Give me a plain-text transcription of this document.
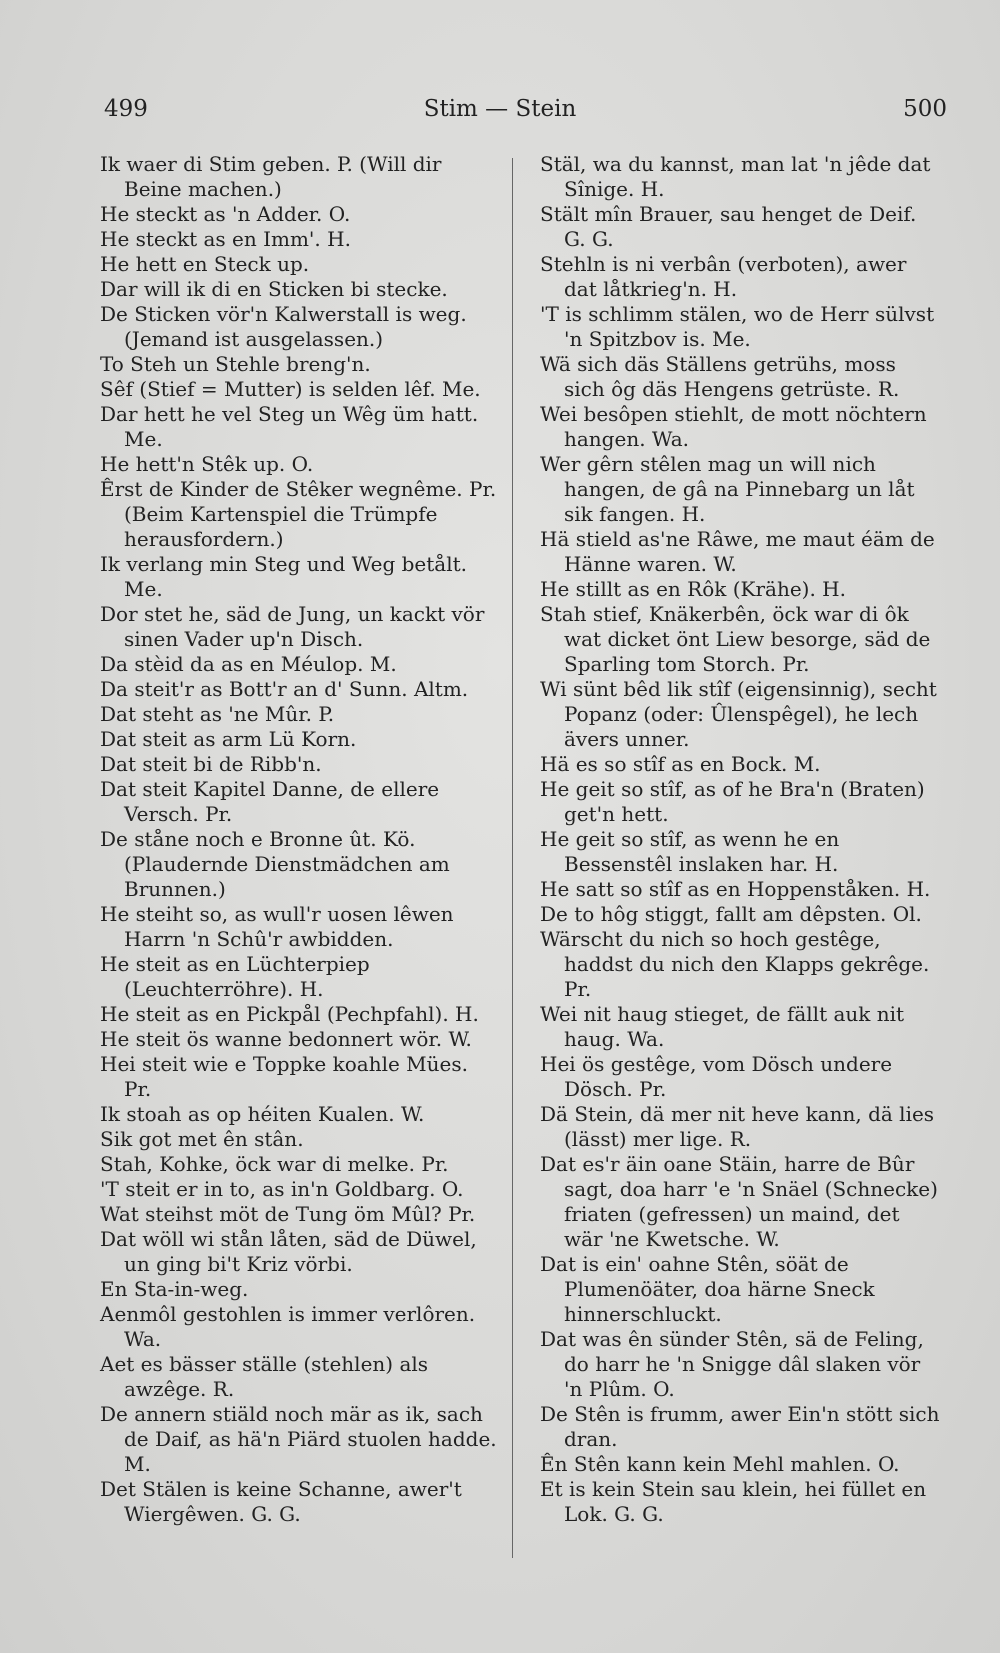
499	Stim — Stein	500

Ik waer di Stim geben. P. (Will dir Beine machen.)

He steckt as 'n Adder. O.

He steckt as en Imm'. H.

He hett en Steck up.

Dar will ik di en Sticken bi stecke.

De Sticken vör'n Kalwerstall is weg. (Jemand ist ausgelassen.)

To Steh un Stehle breng'n.

Sêf (Stief = Mutter) is selden lêf. Me.

Dar hett he vel Steg un Wêg üm hatt. Me.

He hett'n Stêk up. O.

Êrst de Kinder de Stêker wegnême. Pr. (Beim Kartenspiel die Trümpfe herausfordern.)

Ik verlang min Steg und Weg betålt. Me.

Dor stet he, säd de Jung, un kackt vör sinen Vader up'n Disch.

Da stèid da as en Méulop. M.

Da steit'r as Bott'r an d' Sunn. Altm.

Dat steht as 'ne Mûr. P.

Dat steit as arm Lü Korn.

Dat steit bi de Ribb'n.

Dat steit Kapitel Danne, de ellere Versch. Pr.

De ståne noch e Bronne ût. Kö. (Plaudernde Dienstmädchen am Brunnen.)

He steiht so, as wull'r uosen lêwen Harrn 'n Schû'r awbidden.

He steit as en Lüchterpiep (Leuchterröhre). H.

He steit as en Pickpål (Pechpfahl). H.

He steit ös wanne bedonnert wör. W.

Hei steit wie e Toppke koahle Mües. Pr.

Ik stoah as op héiten Kualen. W.

Sik got met ên stân.

Stah, Kohke, öck war di melke. Pr.

'T steit er in to, as in'n Goldbarg. O.

Wat steihst möt de Tung öm Mûl? Pr.

Dat wöll wi stån låten, säd de Düwel, un ging bi't Kriz vörbi.

En Sta-in-weg.

Aenmôl gestohlen is immer verlôren. Wa.

Aet es bässer ställe (stehlen) als awzêge. R.

De annern stiäld noch mär as ik, sach de Daif, as hä'n Piärd stuolen hadde. M.

Det Stälen is keine Schanne, awer't Wiergêwen. G. G.

Stäl, wa du kannst, man lat 'n jêde dat Sînige. H.

Stält mîn Brauer, sau henget de Deif. G. G.

Stehln is ni verbân (verboten), awer dat låtkrieg'n. H.

'T is schlimm stälen, wo de Herr sülvst 'n Spitzbov is. Me.

Wä sich däs Ställens getrühs, moss sich ôg däs Hengens getrüste. R.

Wei besôpen stiehlt, de mott nöchtern hangen. Wa.

Wer gêrn stêlen mag un will nich hangen, de gâ na Pinnebarg un låt sik fangen. H.

Hä stield as'ne Râwe, me maut éäm de Hänne waren. W.

He stillt as en Rôk (Krähe). H.

Stah stief, Knäkerbên, öck war di ôk wat dicket önt Liew besorge, säd de Sparling tom Storch. Pr.

Wi sünt bêd lik stîf (eigensinnig), secht Popanz (oder: Ûlenspêgel), he lech ävers unner.

Hä es so stîf as en Bock. M.

He geit so stîf, as of he Bra'n (Braten) get'n hett.

He geit so stîf, as wenn he en Bessenstêl inslaken har. H.

He satt so stîf as en Hoppenståken. H.

De to hôg stiggt, fallt am dêpsten. Ol.

Wärscht du nich so hoch gestêge, haddst du nich den Klapps gekrêge. Pr.

Wei nit haug stieget, de fällt auk nit haug. Wa.

Hei ös gestêge, vom Dösch undere Dösch. Pr.

Dä Stein, dä mer nit heve kann, dä lies (lässt) mer lige. R.

Dat es'r äin oane Stäin, harre de Bûr sagt, doa harr 'e 'n Snäel (Schnecke) friaten (gefressen) un maind, det wär 'ne Kwetsche. W.

Dat is ein' oahne Stên, söät de Plumenöäter, doa härne Sneck hinnerschluckt.

Dat was ên sünder Stên, sä de Feling, do harr he 'n Snigge dâl slaken vör 'n Plûm. O.

De Stên is frumm, awer Ein'n stött sich dran.

Ên Stên kann kein Mehl mahlen. O.

Et is kein Stein sau klein, hei füllet en Lok. G. G.
